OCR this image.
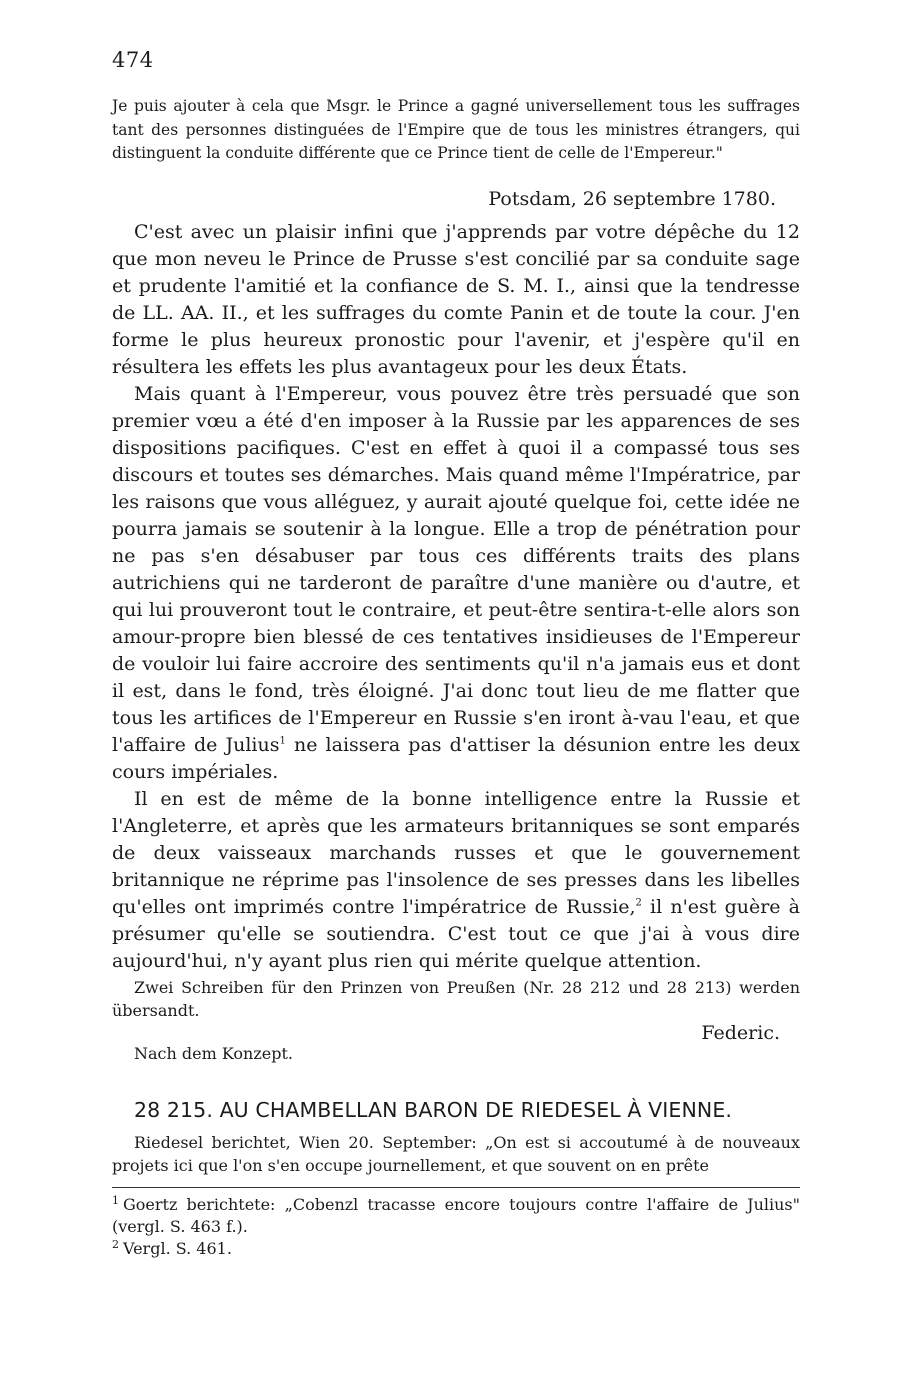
474

Je puis ajouter à cela que Msgr. le Prince a gagné universellement tous les suffrages tant des personnes distinguées de l'Empire que de tous les ministres étrangers, qui distinguent la conduite différente que ce Prince tient de celle de l'Empereur."

Potsdam, 26 septembre 1780.

C'est avec un plaisir infini que j'apprends par votre dépêche du 12 que mon neveu le Prince de Prusse s'est concilié par sa conduite sage et prudente l'amitié et la confiance de S. M. I., ainsi que la tendresse de LL. AA. II., et les suffrages du comte Panin et de toute la cour. J'en forme le plus heureux pronostic pour l'avenir, et j'espère qu'il en résultera les effets les plus avantageux pour les deux États.

Mais quant à l'Empereur, vous pouvez être très persuadé que son premier vœu a été d'en imposer à la Russie par les apparences de ses dispositions pacifiques. C'est en effet à quoi il a compassé tous ses discours et toutes ses démarches. Mais quand même l'Impératrice, par les raisons que vous alléguez, y aurait ajouté quelque foi, cette idée ne pourra jamais se soutenir à la longue. Elle a trop de pénétration pour ne pas s'en désabuser par tous ces différents traits des plans autrichiens qui ne tarderont de paraître d'une manière ou d'autre, et qui lui prouveront tout le contraire, et peut-être sentira-t-elle alors son amour-propre bien blessé de ces tentatives insidieuses de l'Empereur de vouloir lui faire accroire des sentiments qu'il n'a jamais eus et dont il est, dans le fond, très éloigné. J'ai donc tout lieu de me flatter que tous les artifices de l'Empereur en Russie s'en iront à-vau l'eau, et que l'affaire de Julius$^1$ ne laissera pas d'attiser la désunion entre les deux cours impériales.

Il en est de même de la bonne intelligence entre la Russie et l'Angleterre, et après que les armateurs britanniques se sont emparés de deux vaisseaux marchands russes et que le gouvernement britannique ne réprime pas l'insolence de ses presses dans les libelles qu'elles ont imprimés contre l'impératrice de Russie,$^2$ il n'est guère à présumer qu'elle se soutiendra. C'est tout ce que j'ai à vous dire aujourd'hui, n'y ayant plus rien qui mérite quelque attention.

Zwei Schreiben für den Prinzen von Preußen (Nr. 28 212 und 28 213) werden übersandt.
Federic.
Nach dem Konzept.
28 215. AU CHAMBELLAN BARON DE RIEDESEL À VIENNE.
Riedesel berichtet, Wien 20. September: „On est si accoutumé à de nouveaux projets ici que l'on s'en occupe journellement, et que souvent on en prête

$^1$ Goertz berichtete: „Cobenzl tracasse encore toujours contre l'affaire de Julius" (vergl. S. 463 f.).

$^2$ Vergl. S. 461.
